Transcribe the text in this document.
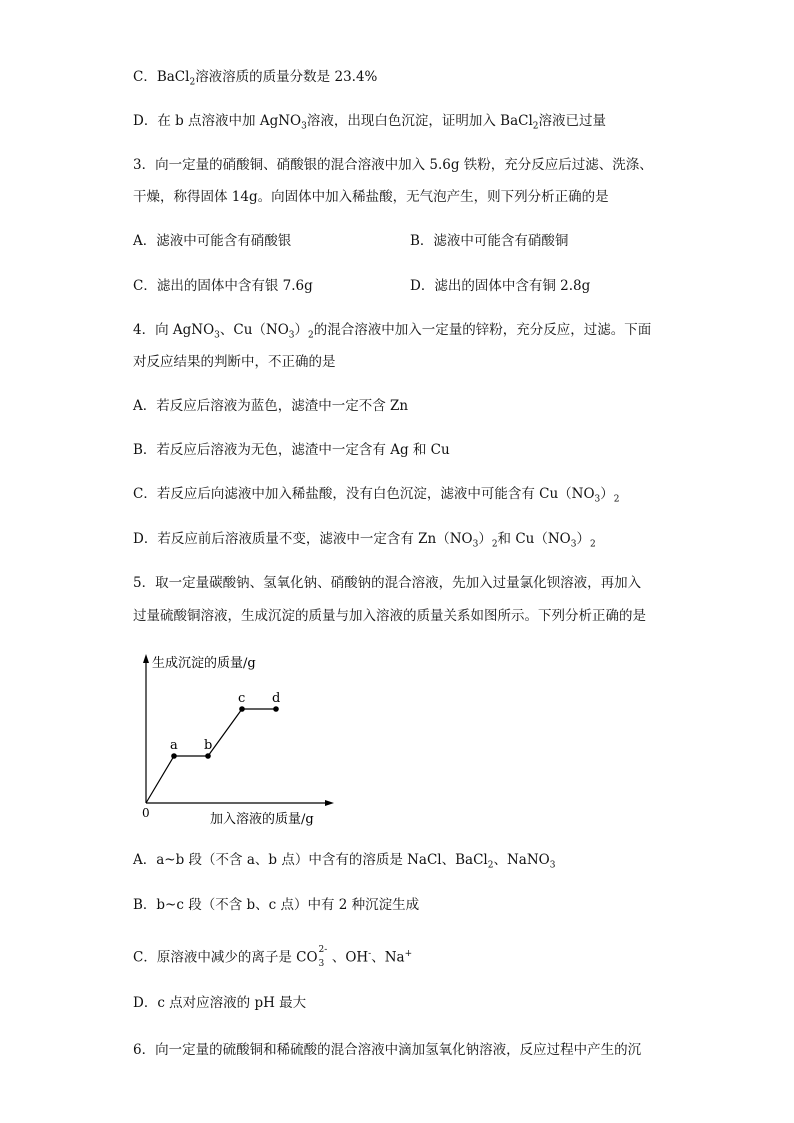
C．BaCl$_2$溶液溶质的质量分数是 23.4%
D．在 b 点溶液中加 AgNO$_3$溶液，出现白色沉淀，证明加入 BaCl$_2$溶液已过量
3．向一定量的硝酸铜、硝酸银的混合溶液中加入 5.6g 铁粉，充分反应后过滤、洗涤、
干燥，称得固体 14g。向固体中加入稀盐酸，无气泡产生，则下列分析正确的是
A．滤液中可能含有硝酸银	B．滤液中可能含有硝酸铜
C．滤出的固体中含有银 7.6g	D．滤出的固体中含有铜 2.8g
4．向 AgNO$_3$、$Cu(NO_3)_2$的混合溶液中加入一定量的锌粉，充分反应，过滤。下面
对反应结果的判断中，不正确的是
A．若反应后溶液为蓝色，滤渣中一定不含 Zn
B．若反应后溶液为无色，滤渣中一定含有 Ag 和 Cu
C．若反应后向滤液中加入稀盐酸，没有白色沉淀，滤液中可能含有 $Cu(NO_3)_2$
D．若反应前后溶液质量不变，滤液中一定含有 $Zn(NO_3)_2$和 $Cu(NO_3)_2$
5．取一定量碳酸钠、氢氧化钠、硝酸钠的混合溶液，先加入过量氯化钡溶液，再加入
过量硫酸铜溶液，生成沉淀的质量与加入溶液的质量关系如图所示。下列分析正确的是
生成沉淀的质量/g
加入溶液的质量/g
0
a b
c d
A．a~b 段（不含 a、b 点）中含有的溶质是 NaCl、BaCl$_2$、NaNO$_3$
B．b~c 段（不含 b、c 点）中有 2 种沉淀生成
C．原溶液中减少的离子是 CO 2-
3 、OH-、Na+
D．c 点对应溶液的 pH 最大
6．向一定量的硫酸铜和稀硫酸的混合溶液中滴加氢氧化钠溶液，反应过程中产生的沉
